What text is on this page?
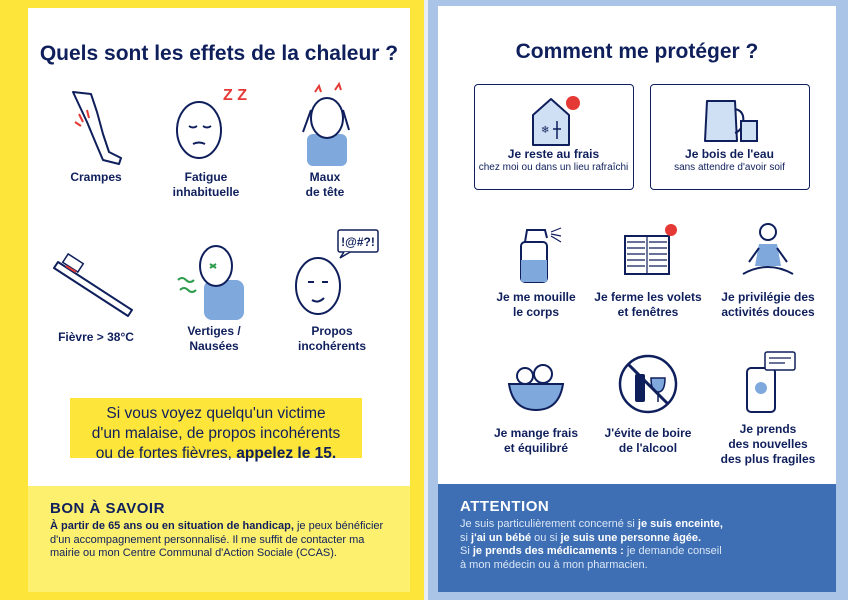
Quels sont les effets de la chaleur ?
Crampes
Z Z
Fatigue
inhabituelle
Maux
de tête
Fièvre > 38°C	Vertiges /
Nausées
!@#?!
Propos
incohérents
Si vous voyez quelqu'un victime
d'un malaise, de propos incohérents
ou de fortes fièvres, appelez le 15.
BON À SAVOIR
À partir de 65 ans ou en situation de handicap, je peux bénéficier d'un accompagnement personnalisé. Il me suffit de contacter ma mairie ou mon Centre Communal d'Action Sociale (CCAS).
Comment me protéger ?
❄
Je reste au frais
chez moi ou dans un lieu rafraîchi
Je bois de l'eau
sans attendre d'avoir soif
Je me mouille
le corps
Je ferme les volets
et fenêtres
Je privilégie des
activités douces
Je mange frais
et équilibré
J'évite de boire
de l'alcool
Je prends
des nouvelles
des plus fragiles
ATTENTION
Je suis particulièrement concerné si je suis enceinte,
si j'ai un bébé ou si je suis une personne âgée.
Si je prends des médicaments : je demande conseil
à mon médecin ou à mon pharmacien.
